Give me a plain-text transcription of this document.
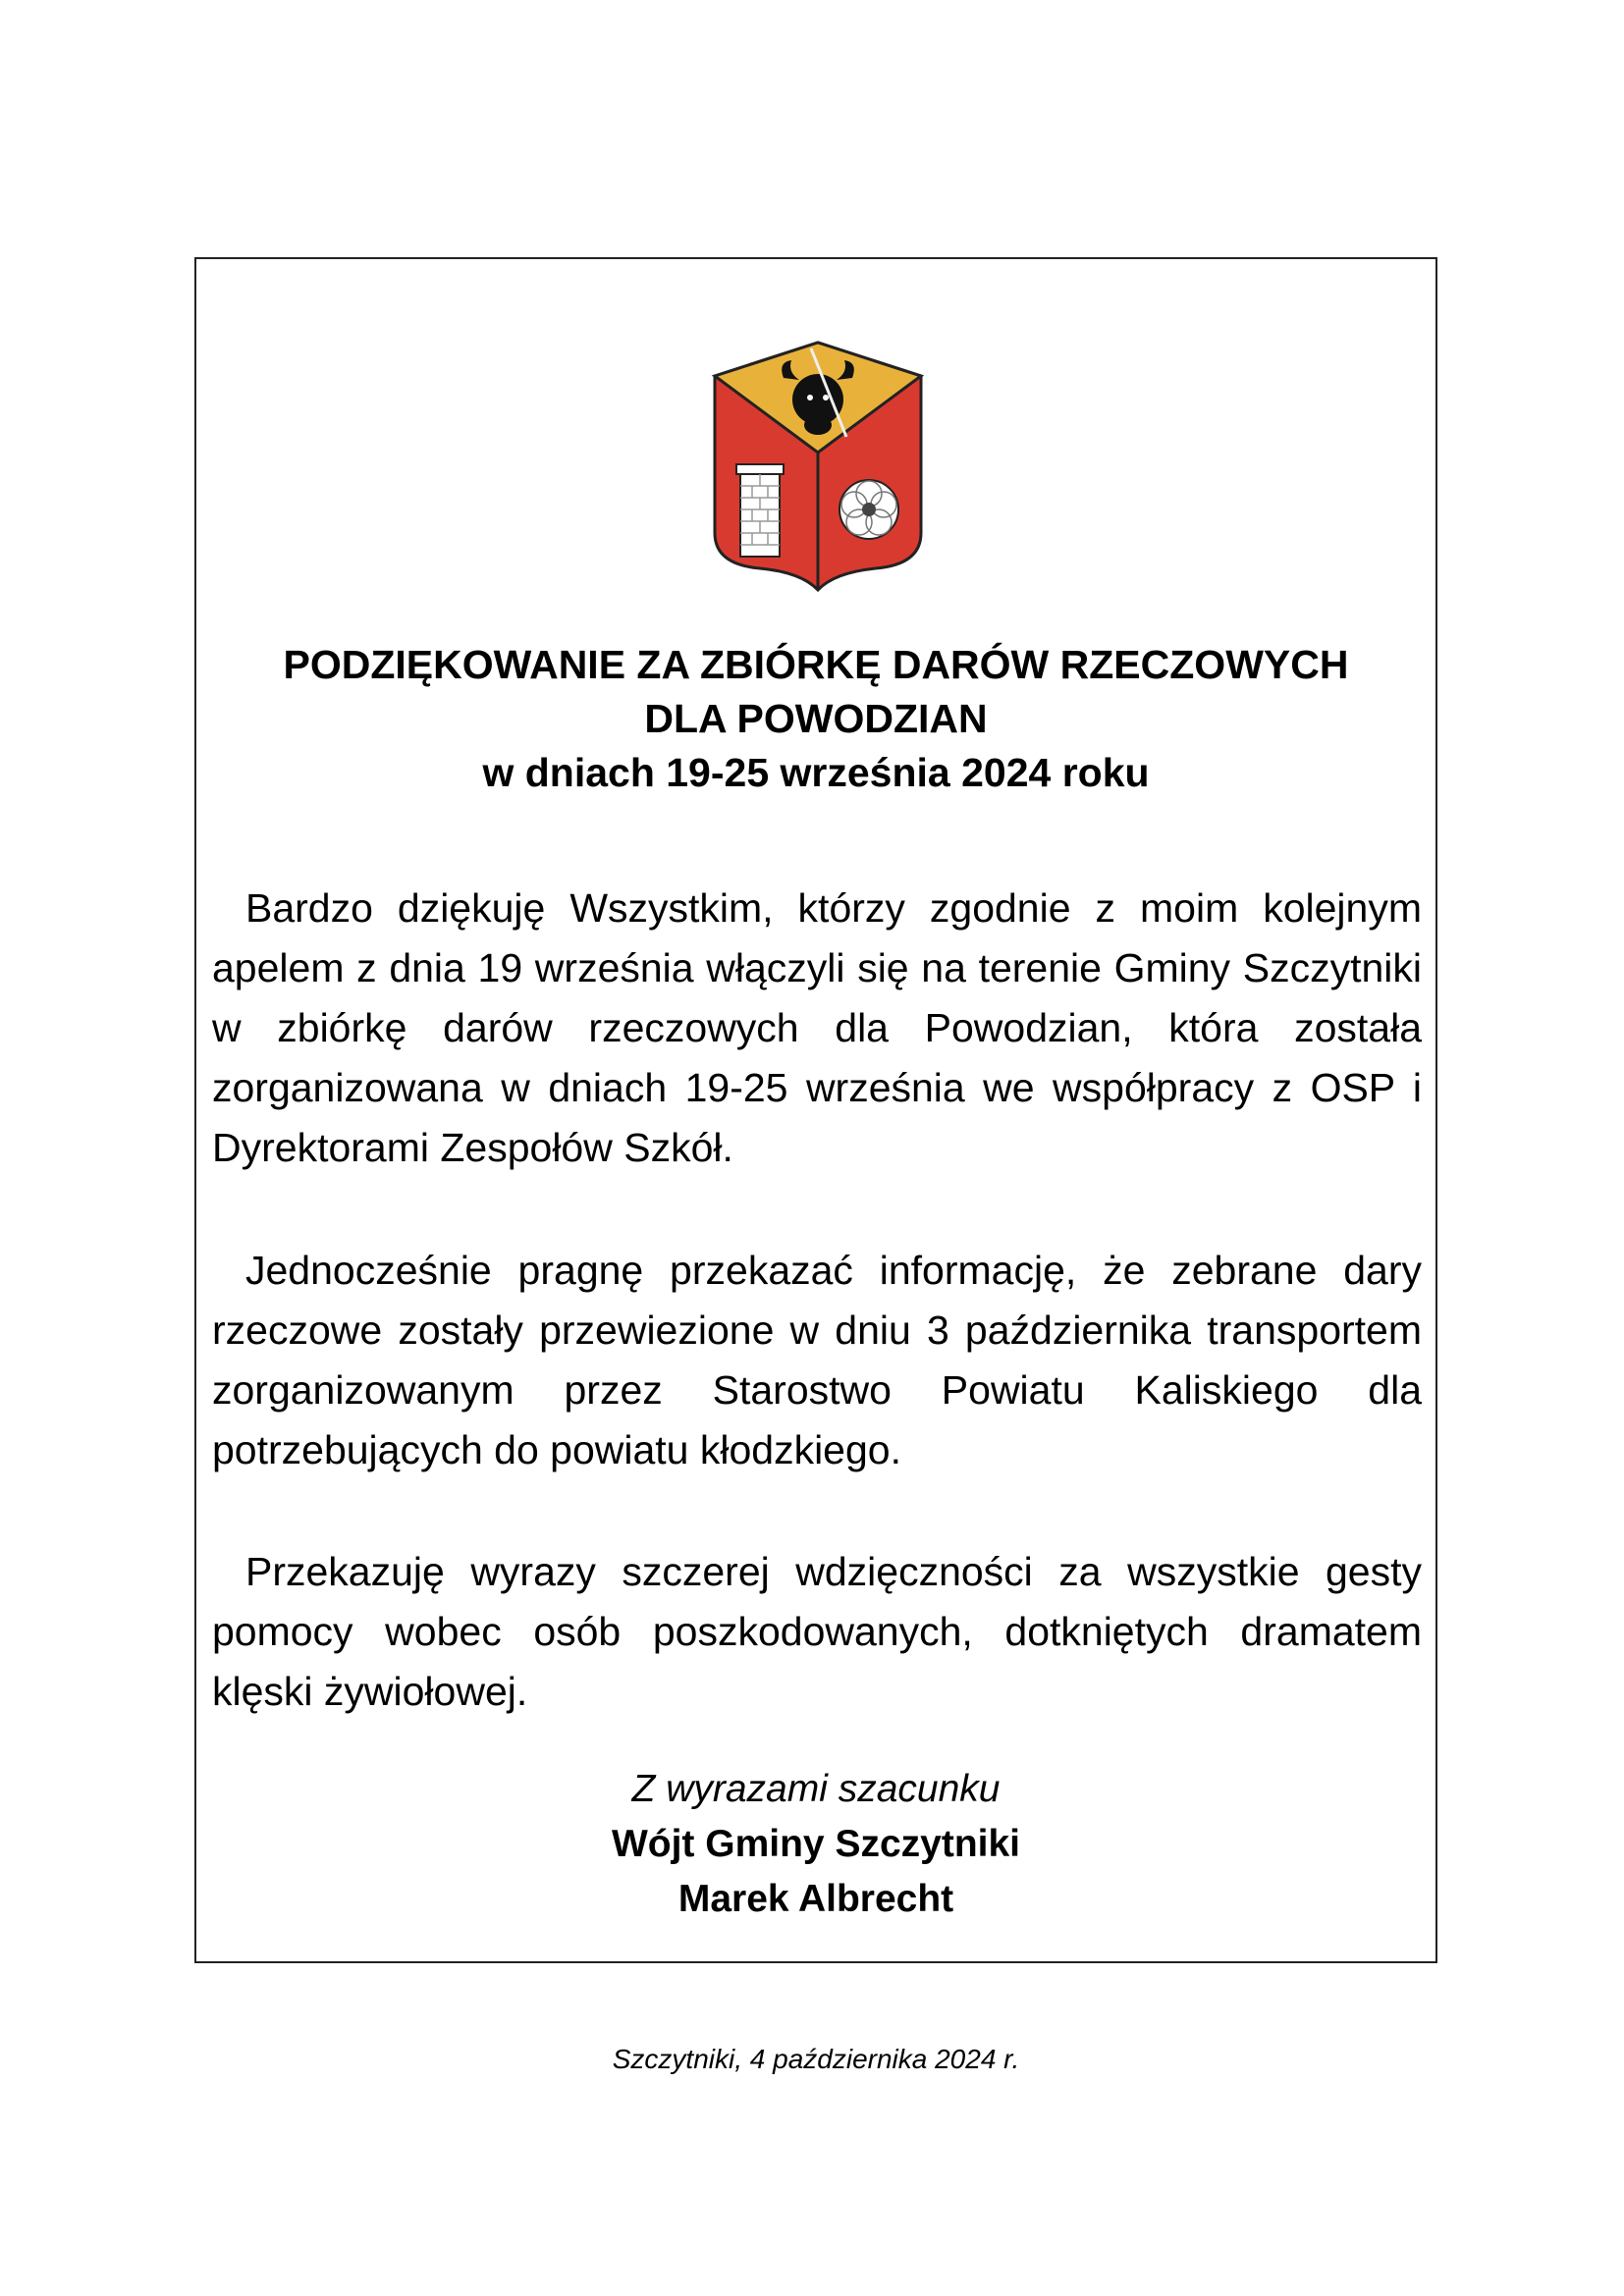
PODZIĘKOWANIE ZA ZBIÓRKĘ DARÓW RZECZOWYCH
DLA POWODZIAN
w dniach 19-25 września 2024 roku
Bardzo dziękuję Wszystkim, którzy zgodnie z moim kolejnym apelem z dnia 19 września włączyli się na terenie Gminy Szczytniki w zbiórkę darów rzeczowych dla Powodzian, która została zorganizowana w dniach 19-25 września we współpracy z OSP i Dyrektorami Zespołów Szkół.
Jednocześnie pragnę przekazać informację, że zebrane dary rzeczowe zostały przewiezione w dniu 3 października transportem zorganizowanym przez Starostwo Powiatu Kaliskiego dla potrzebujących do powiatu kłodzkiego.
Przekazuję wyrazy szczerej wdzięczności za wszystkie gesty pomocy wobec osób poszkodowanych, dotkniętych dramatem klęski żywiołowej.
Z wyrazami szacunku
Wójt Gminy Szczytniki
Marek Albrecht
Szczytniki, 4 października 2024 r.
